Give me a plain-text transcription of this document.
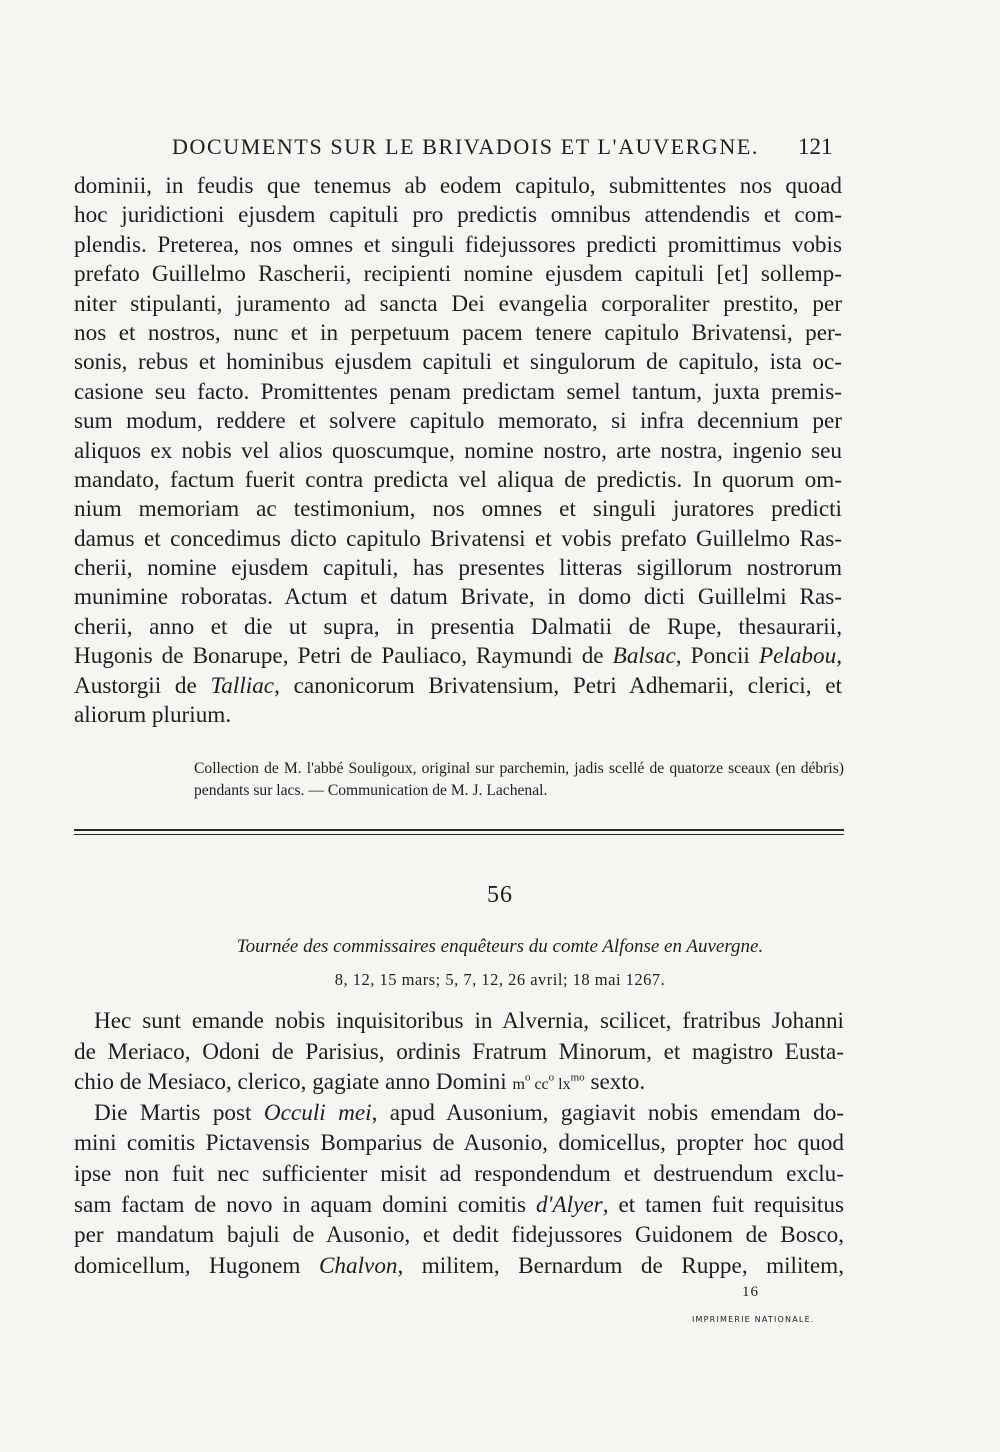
DOCUMENTS SUR LE BRIVADOIS ET L'AUVERGNE. 121
dominii, in feudis que tenemus ab eodem capitulo, submittentes nos quoad
hoc juridictioni ejusdem capituli pro predictis omnibus attendendis et com-
plendis. Preterea, nos omnes et singuli fidejussores predicti promittimus vobis
prefato Guillelmo Rascherii, recipienti nomine ejusdem capituli [et] sollemp-
niter stipulanti, juramento ad sancta Dei evangelia corporaliter prestito, per
nos et nostros, nunc et in perpetuum pacem tenere capitulo Brivatensi, per-
sonis, rebus et hominibus ejusdem capituli et singulorum de capitulo, ista oc-
casione seu facto. Promittentes penam predictam semel tantum, juxta premis-
sum modum, reddere et solvere capitulo memorato, si infra decennium per
aliquos ex nobis vel alios quoscumque, nomine nostro, arte nostra, ingenio seu
mandato, factum fuerit contra predicta vel aliqua de predictis. In quorum om-
nium memoriam ac testimonium, nos omnes et singuli juratores predicti
damus et concedimus dicto capitulo Brivatensi et vobis prefato Guillelmo Ras-
cherii, nomine ejusdem capituli, has presentes litteras sigillorum nostrorum
munimine roboratas. Actum et datum Brivate, in domo dicti Guillelmi Ras-
cherii, anno et die ut supra, in presentia Dalmatii de Rupe, thesaurarii,
Hugonis de Bonarupe, Petri de Pauliaco, Raymundi de Balsac, Poncii Pelabou,
Austorgii de Talliac, canonicorum Brivatensium, Petri Adhemarii, clerici, et
aliorum plurium.
Collection de M. l'abbé Souligoux, original sur parchemin, jadis scellé de quatorze sceaux (en débris)
pendants sur lacs. — Communication de M. J. Lachenal.
56
Tournée des commissaires enquêteurs du comte Alfonse en Auvergne.
8, 12, 15 mars; 5, 7, 12, 26 avril; 18 mai 1267.
Hec sunt emande nobis inquisitoribus in Alvernia, scilicet, fratribus Johanni
de Meriaco, Odoni de Parisius, ordinis Fratrum Minorum, et magistro Eusta-
chio de Mesiaco, clerico, gagiate anno Domini $m^o$ $cc^o$ $lx^{mo}$ sexto.
Die Martis post Occuli mei, apud Ausonium, gagiavit nobis emendam do-
mini comitis Pictavensis Bomparius de Ausonio, domicellus, propter hoc quod
ipse non fuit nec sufficienter misit ad respondendum et destruendum exclu-
sam factam de novo in aquam domini comitis d'Alyer, et tamen fuit requisitus
per mandatum bajuli de Ausonio, et dedit fidejussores Guidonem de Bosco,
domicellum, Hugonem Chalvon, militem, Bernardum de Ruppe, militem,
16
IMPRIMERIE NATIONALE.
